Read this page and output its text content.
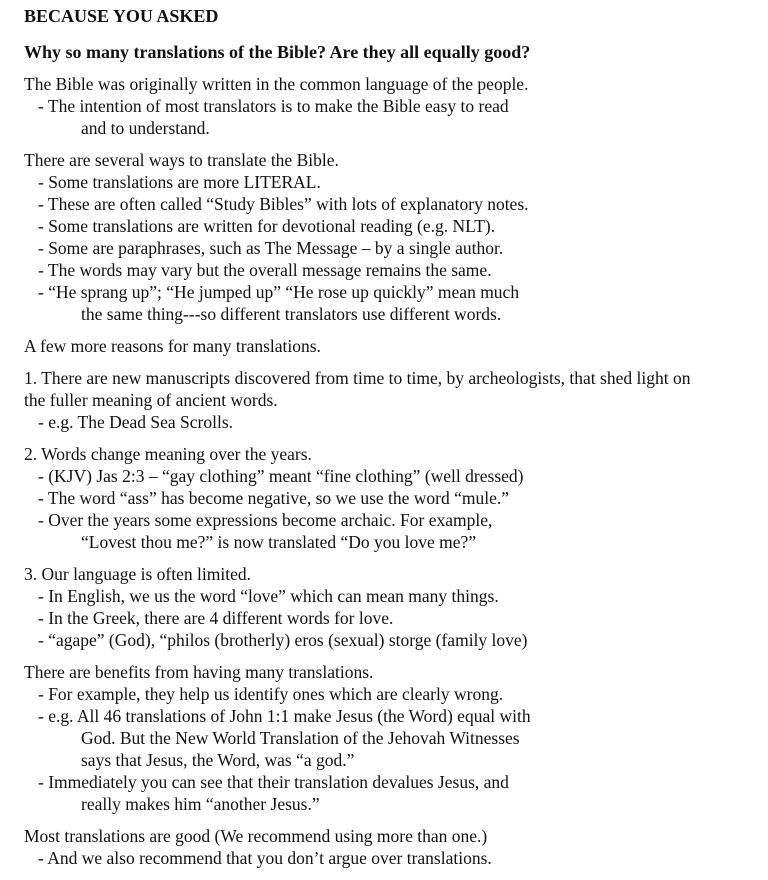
BECAUSE YOU ASKED
Why so many translations of the Bible? Are they all equally good?
The Bible was originally written in the common language of the people.
- The intention of most translators is to make the Bible easy to read
and to understand.
There are several ways to translate the Bible.
- Some translations are more LITERAL.
- These are often called “Study Bibles” with lots of explanatory notes.
- Some translations are written for devotional reading (e.g. NLT).
- Some are paraphrases, such as The Message – by a single author.
- The words may vary but the overall message remains the same.
- “He sprang up”; “He jumped up” “He rose up quickly” mean much
the same thing---so different translators use different words.
A few more reasons for many translations.
1. There are new manuscripts discovered from time to time, by archeologists, that shed light on
the fuller meaning of ancient words.
- e.g. The Dead Sea Scrolls.
2. Words change meaning over the years.
- (KJV) Jas 2:3 – “gay clothing” meant “fine clothing” (well dressed)
- The word “ass” has become negative, so we use the word “mule.”
- Over the years some expressions become archaic. For example,
“Lovest thou me?” is now translated “Do you love me?”
3. Our language is often limited.
- In English, we us the word “love” which can mean many things.
- In the Greek, there are 4 different words for love.
- “agape” (God), “philos (brotherly) eros (sexual) storge (family love)
There are benefits from having many translations.
- For example, they help us identify ones which are clearly wrong.
- e.g. All 46 translations of John 1:1 make Jesus (the Word) equal with
God. But the New World Translation of the Jehovah Witnesses
says that Jesus, the Word, was “a god.”
- Immediately you can see that their translation devalues Jesus, and
really makes him “another Jesus.”
Most translations are good (We recommend using more than one.)
- And we also recommend that you don’t argue over translations.
